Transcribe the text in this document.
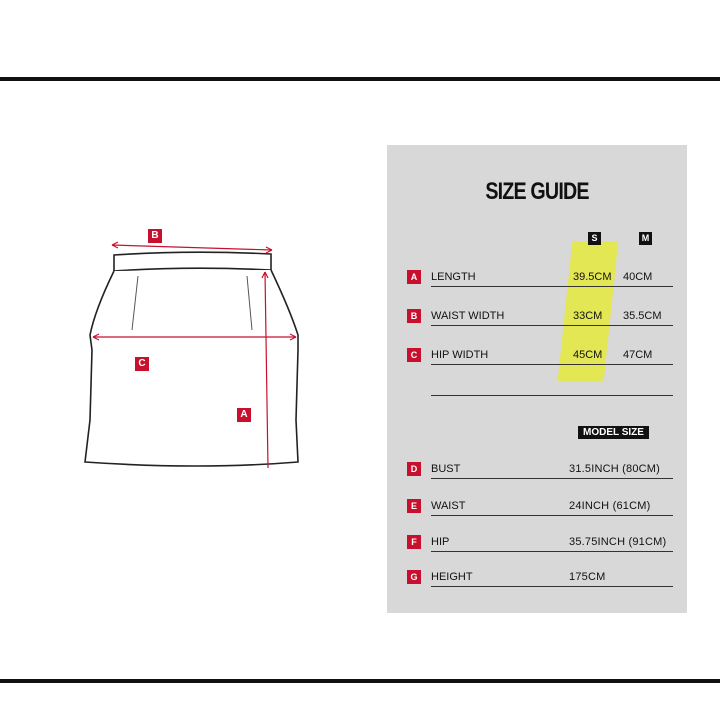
B
C
A
SIZE GUIDE
S	M
A	LENGTH	39.5CM 40CM
B	WAIST WIDTH	33CM 35.5CM
C	HIP WIDTH	45CM 47CM
MODEL SIZE
D	BUST	31.5INCH (80CM)
E	WAIST	24INCH (61CM)
F	HIP	35.75INCH (91CM)
G	HEIGHT	175CM
